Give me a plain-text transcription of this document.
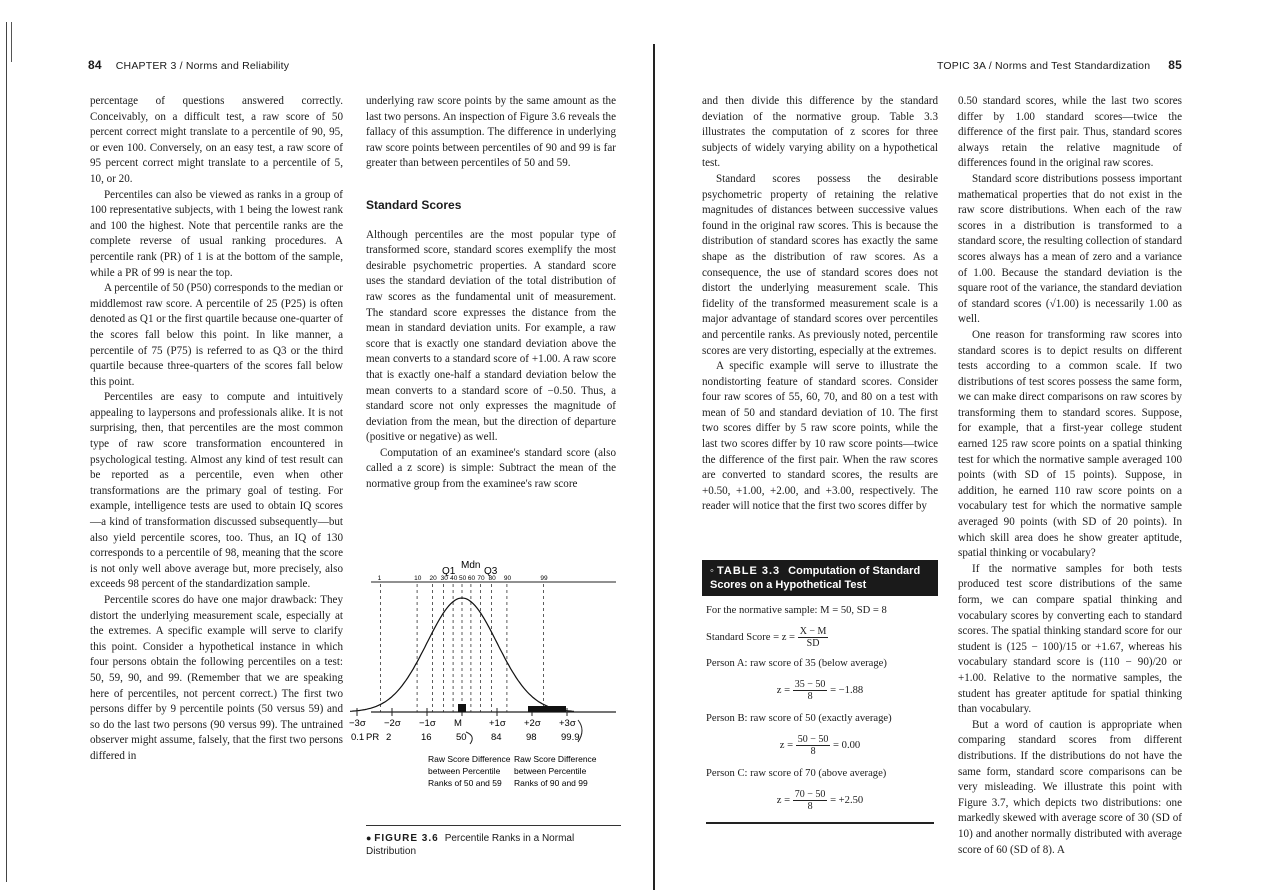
84 CHAPTER 3 / Norms and Reliability	TOPIC 3A / Norms and Test Standardization 85

percentage of questions answered correctly. Conceivably, on a difficult test, a raw score of 50 percent correct might translate to a percentile of 90, 95, or even 100. Conversely, on an easy test, a raw score of 95 percent correct might translate to a percentile of 5, 10, or 20.

Percentiles can also be viewed as ranks in a group of 100 representative subjects, with 1 being the lowest rank and 100 the highest. Note that percentile ranks are the complete reverse of usual ranking procedures. A percentile rank (PR) of 1 is at the bottom of the sample, while a PR of 99 is near the top.

A percentile of 50 (P50) corresponds to the median or middlemost raw score. A percentile of 25 (P25) is often denoted as Q1 or the first quartile because one-quarter of the scores fall below this point. In like manner, a percentile of 75 (P75) is referred to as Q3 or the third quartile because three-quarters of the scores fall below this point.

Percentiles are easy to compute and intuitively appealing to laypersons and professionals alike. It is not surprising, then, that percentiles are the most common type of raw score transformation encountered in psychological testing. Almost any kind of test result can be reported as a percentile, even when other transformations are the primary goal of testing. For example, intelligence tests are used to obtain IQ scores—a kind of transformation discussed subsequently—but also yield percentile scores, too. Thus, an IQ of 130 corresponds to a percentile of 98, meaning that the score is not only well above average but, more precisely, also exceeds 98 percent of the standardization sample.

Percentile scores do have one major drawback: They distort the underlying measurement scale, especially at the extremes. A specific example will serve to clarify this point. Consider a hypothetical instance in which four persons obtain the following percentiles on a test: 50, 59, 90, and 99. (Remember that we are speaking here of percentiles, not percent correct.) The first two persons differ by 9 percentile points (50 versus 59) and so do the last two persons (90 versus 99). The untrained observer might assume, falsely, that the first two persons differed in

underlying raw score points by the same amount as the last two persons. An inspection of Figure 3.6 reveals the fallacy of this assumption. The difference in underlying raw score points between percentiles of 90 and 99 is far greater than between percentiles of 50 and 59.

Standard Scores

Although percentiles are the most popular type of transformed score, standard scores exemplify the most desirable psychometric properties. A standard score uses the standard deviation of the total distribution of raw scores as the fundamental unit of measurement. The standard score expresses the distance from the mean in standard deviation units. For example, a raw score that is exactly one standard deviation above the mean converts to a standard score of +1.00. A raw score that is exactly one-half a standard deviation below the mean converts to a standard score of −0.50. Thus, a standard score not only expresses the magnitude of deviation from the mean, but the direction of departure (positive or negative) as well.

Computation of an examinee's standard score (also called a z score) is simple: Subtract the mean of the normative group from the examinee's raw score

Q1
Mdn
Q3
1	10 20 30 40 50 60 70 80 90	99
−3σ −2σ −1σ M	+1σ +2σ +3σ
PR
0.1 2	16	50	84	98	99.9
Raw Score Difference
between Percentile
Ranks of 50 and 59
Raw Score Difference
between Percentile
Ranks of 90 and 99
● FIGURE 3.6 Percentile Ranks in a Normal Distribution

and then divide this difference by the standard deviation of the normative group. Table 3.3 illustrates the computation of z scores for three subjects of widely varying ability on a hypothetical test.

Standard scores possess the desirable psychometric property of retaining the relative magnitudes of distances between successive values found in the original raw scores. This is because the distribution of standard scores has exactly the same shape as the distribution of raw scores. As a consequence, the use of standard scores does not distort the underlying measurement scale. This fidelity of the transformed measurement scale is a major advantage of standard scores over percentiles and percentile ranks. As previously noted, percentile scores are very distorting, especially at the extremes.

A specific example will serve to illustrate the nondistorting feature of standard scores. Consider four raw scores of 55, 60, 70, and 80 on a test with mean of 50 and standard deviation of 10. The first two scores differ by 5 raw score points, while the last two scores differ by 10 raw score points—twice the difference of the first pair. When the raw scores are converted to standard scores, the results are +0.50, +1.00, +2.00, and +3.00, respectively. The reader will notice that the first two scores differ by

◦ TABLE 3.3 Computation of Standard Scores on a Hypothetical Test
For the normative sample: M = 50, SD = 8
Standard Score = $z = \frac{X - M}{SD}$
Person A: raw score of 35 (below average)
$z = \frac{35 - 50}{8} = -1.88$
Person B: raw score of 50 (exactly average)
$z = \frac{50 - 50}{8} = 0.00$
Person C: raw score of 70 (above average)
$z = \frac{70 - 50}{8} = +2.50$

0.50 standard scores, while the last two scores differ by 1.00 standard scores—twice the difference of the first pair. Thus, standard scores always retain the relative magnitude of differences found in the original raw scores.

Standard score distributions possess important mathematical properties that do not exist in the raw score distributions. When each of the raw scores in a distribution is transformed to a standard score, the resulting collection of standard scores always has a mean of zero and a variance of 1.00. Because the standard deviation is the square root of the variance, the standard deviation of standard scores (√1.00) is necessarily 1.00 as well.

One reason for transforming raw scores into standard scores is to depict results on different tests according to a common scale. If two distributions of test scores possess the same form, we can make direct comparisons on raw scores by transforming them to standard scores. Suppose, for example, that a first-year college student earned 125 raw score points on a spatial thinking test for which the normative sample averaged 100 points (with SD of 15 points). Suppose, in addition, he earned 110 raw score points on a vocabulary test for which the normative sample averaged 90 points (with SD of 20 points). In which skill area does he show greater aptitude, spatial thinking or vocabulary?

If the normative samples for both tests produced test score distributions of the same form, we can compare spatial thinking and vocabulary scores by converting each to standard scores. The spatial thinking standard score for our student is (125 − 100)/15 or +1.67, whereas his vocabulary standard score is (110 − 90)/20 or +1.00. Relative to the normative samples, the student has greater aptitude for spatial thinking than vocabulary.

But a word of caution is appropriate when comparing standard scores from different distributions. If the distributions do not have the same form, standard score comparisons can be very misleading. We illustrate this point with Figure 3.7, which depicts two distributions: one markedly skewed with average score of 30 (SD of 10) and another normally distributed with average score of 60 (SD of 8). A
